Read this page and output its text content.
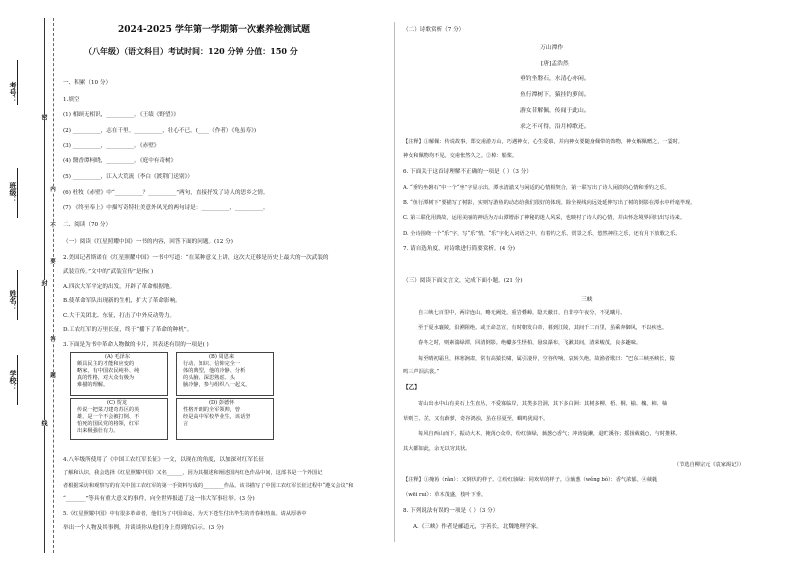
考号：
班级：
姓名：
学校：
密
封
线
内
不
要
答
题
2024-2025 学年第一学期第一次素养检测试题
（八年级）（语文科目）考试时间：120 分钟 分值：150 分
一、积累（10 分）
1.填空
(1) 相顾无相识，__________。《王绩《野望》》
(2) __________，志在千里。__________，壮心不已。(____（作者）《龟虽寿》)
(3) __________，__________。《赤壁》
(4) 醫香谭柯晓，__________。《庭中有奇树》
(5) __________，江入大荒流（李白《渡荆门送别》）
(6) 杜牧《赤壁》中“__________？__________”两句，直接抒发了诗人的思乡之情。
(7) 《终至奉上》中描写奇特壮美意外风光的两句诗是：__________，__________。
二、阅读（70 分）
（一）阅读《红星照耀中国》一书的内容，回答下面的问题。(12 分)
2.美国记者斯诺在《红星照耀中国》一书中写道：“在某种意义上讲，这次大迁移是历史上最大的一次武装的
武装宣传。”文中的“武装宣传”是指( )
A.四次大军平定的出发，开辟了革命根据地。
B.使革命军队出现新的生机，扩大了革命影响。
C.大干关团北、东征，打击了中外反动势力。
D.工农红军的万里长征，终于“播下了革命的种机”。
3.下面是为书中革命人物做的卡片，其表述有误的一项是( )
(A) 毛泽东
颇具民主的才能和应变的
略家，有中国农民纯朴、纯
真的性格，对大众有极为
难描的理解。
(B) 周恩来
行动、知识、信仰完全一
体的典型，他的冷静、分析
的头脑、深思熟虑、头
脑冷静，参与组织八一起义。
(C) 贺龙
传说一把菜刀建奇苏区的英
雄，是一个不会被打倒、不
怕死的国民党的将领，红军
出来极强壮有力。
(D) 彭德怀
性格开朗的全军领帅，曾
经是高中军校毕业生，该话坚
言
4.八年级所使用了《中国工农红军长征》一文，以现在的角度，以加深对红军长征
了解和认识，我会选择《红星照耀中国》又名______，因为其描述和阐述国内红色作品中间，这部书是一个外国记
者根据采访和观察写的有关中国工农红军的第一手资料写成的________作品。该书描写了中国工农红军长征过程中“遵义会议”和
“_______”等具有重大意义的事件，向全世界报道了这一伟大军事壮举。(3 分)
5.《红星照耀中国》中有很多革命者，他们为了中国命运，为天下苍生付出毕生的青春和热血。请从厚蒂中
举出一个人物及其事例，并谈谈你从他们身上得到的启示。(3 分)
（二）诗歌赏析（7 分）
万山潭作
[唐]孟浩然
垂钓坐磐石，水清心亦闲。
鱼行潭树下，猿挂钓萝间。
游女昔解佩，传闻于此山。
求之不可得，沿月棹歌还。
【注释】①解佩：传说故事，郑交甫游万山，巧遇神女，心生爱慕，并向神女要随身佩带的饰物，神女解佩赠之，一霎时，
神女和佩物均不见。交甫怅然久之。②棹：船桨。
6. 下面关于这首诗理解不正确的一项是（ ）（3 分）
A. “垂钓坐磐石”中一个“坐”字显示出，潭水清澈又与闲适的心情相契合，第一联写出了诗人闲淡的心情和垂钓之乐。
B. “鱼行潭树下”要描写了树影，实则写游鱼的动态给我们很好的体现。除全视线向远处延伸写出了树的倒影在潭水中纤毫毕现。
C. 第三联化用典故，运用美丽的神话为万山潭增添了神秘的迷人风采，也映衬了诗人的心情，并由怀念境界回归出写诗来。
D. 全诗围绕一个“乐”字，写“乐”情，“乐”字化入词语之中，有着钓之乐，赏景之乐，悠然神往之乐，还有月下放歌之乐。
7. 请自选角度，对诗歌进行简要赏析。(4 分)
（三）阅读下面文言文，完成下面小题。(21 分)
三峡
自三峡七百里中，两岸连山，略无阙处。重岩叠嶂，隐天蔽日，自非亭午夜分，不见曦月。
至于夏水襄陵，沿溯阻绝。或王命急宣，有时朝发白帝，暮到江陵，其间千二百里，虽乘奔御风，不以疾也。
春冬之时，则素湍绿潭，回清倒影。绝巘多生怪柏，悬泉瀑布，飞漱其间，清荣峻茂，良多趣味。
每至晴初霜旦，林寒涧肃，常有高猿长啸，属引凄异，空谷传响，哀转久绝。故渔者歌曰：“巴东三峡巫峡长，猿
鸣三声泪沾裳。”
【乙】
寄山出水中山有美石上生直丛，不爱寡临岸，其类多岩洞，其下多白洲：其树多柳、梧、桐、榆、槐、柿、柚
草则兰、芷，又有薜萝，奇谷鸿浊，虽在昼夏至，蜩鸣犹闻不。
每风自西山而下，振动大木，掩苒○众草，纷红骇绿，蓊葱○香气；冲涛旋濑，退贮溪谷；摇扬葳蕤○，与时推移。
其大都如此，余无以穷其状。
（节选自柳宗元《袁家渴记》）
【注释】①掩苒（rǎn）：又倒伏的样子。②纷红骇绿：同欢草的样子。③蓊葱（wěng bó）：香气浓郁。④葳蕤
（wēi ruí）：草木茂盛，枝叶下垂。
8. 下列说法有误的一项是（ ）（3 分）
A.《三峡》作者是郦道元，字善长，北魏地理学家。
